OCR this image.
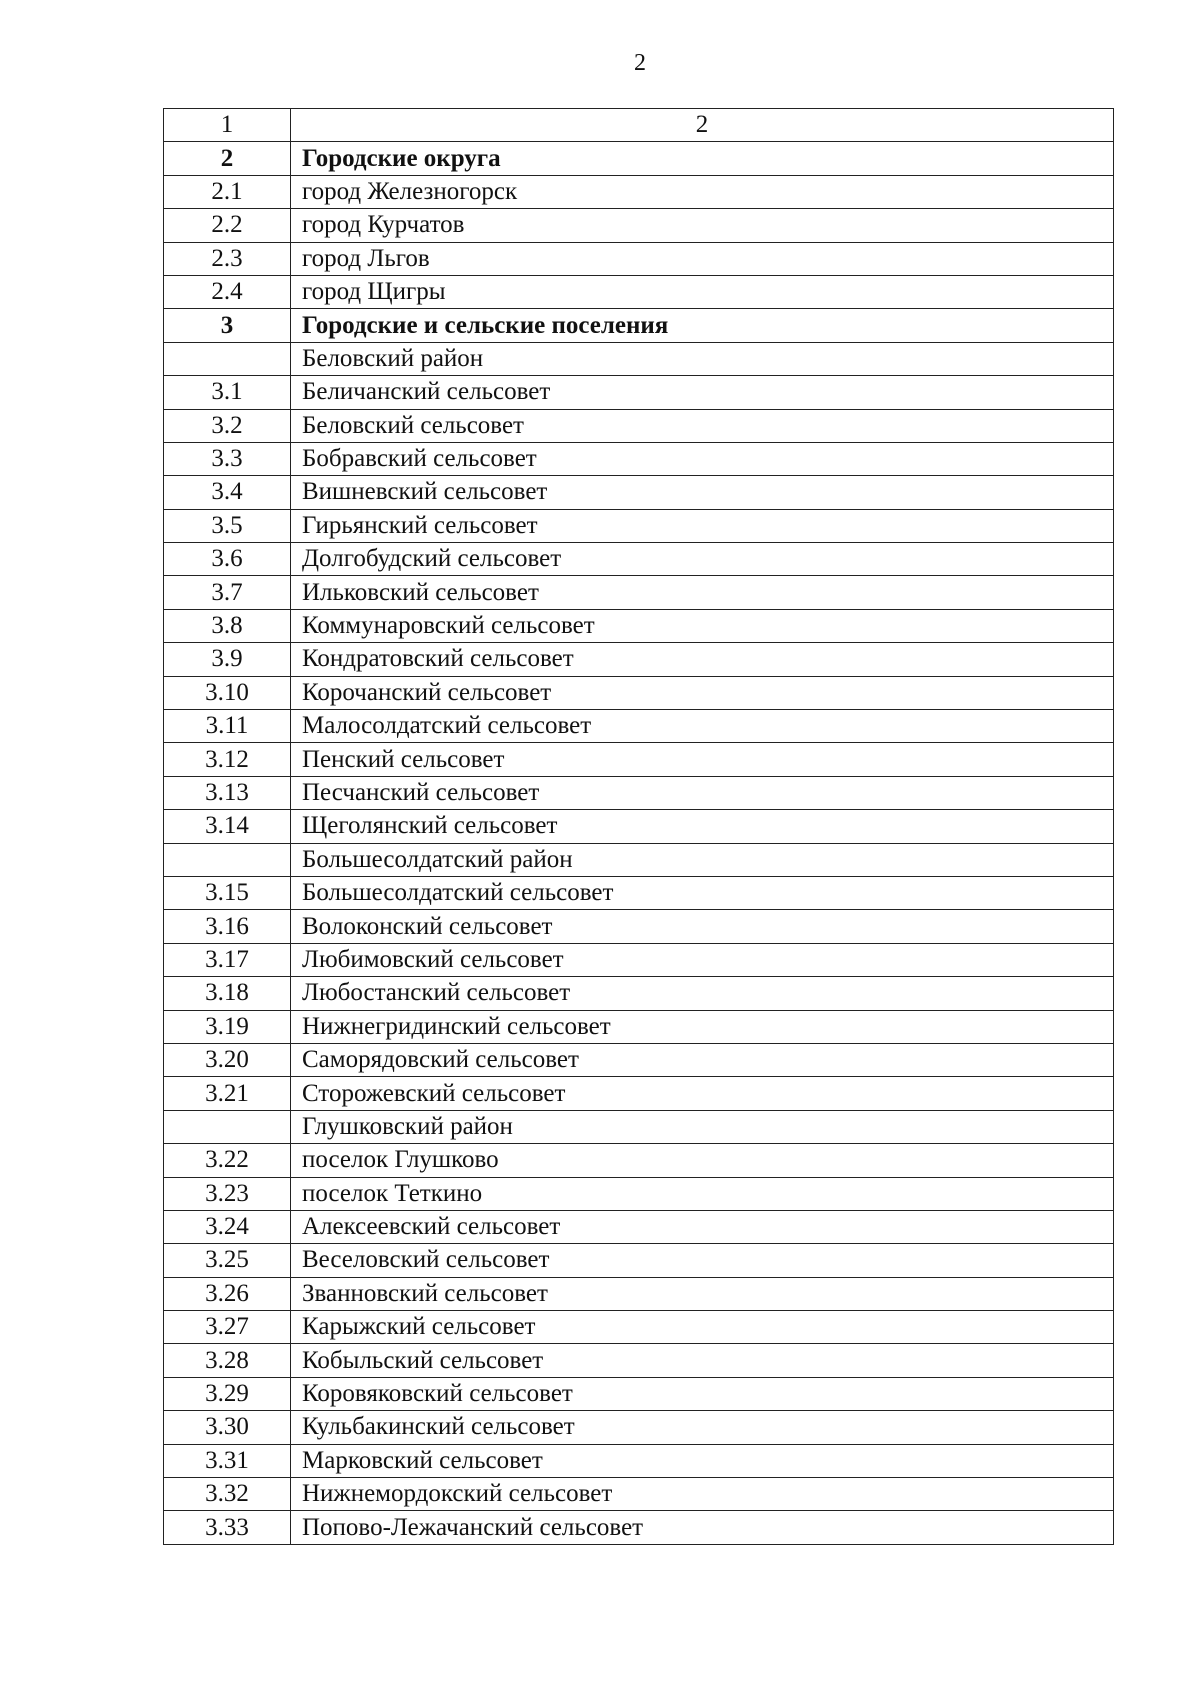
2
1	2
2	Городские округа
2.1	город Железногорск
2.2	город Курчатов
2.3	город Льгов
2.4	город Щигры
3	Городские и сельские поселения
	Беловский район
3.1	Беличанский сельсовет
3.2	Беловский сельсовет
3.3	Бобравский сельсовет
3.4	Вишневский сельсовет
3.5	Гирьянский сельсовет
3.6	Долгобудский сельсовет
3.7	Ильковский сельсовет
3.8	Коммунаровский сельсовет
3.9	Кондратовский сельсовет
3.10	Корочанский сельсовет
3.11	Малосолдатский сельсовет
3.12	Пенский сельсовет
3.13	Песчанский сельсовет
3.14	Щеголянский сельсовет
	Большесолдатский район
3.15	Большесолдатский сельсовет
3.16	Волоконский сельсовет
3.17	Любимовский сельсовет
3.18	Любостанский сельсовет
3.19	Нижнегридинский сельсовет
3.20	Саморядовский сельсовет
3.21	Сторожевский сельсовет
	Глушковский район
3.22	поселок Глушково
3.23	поселок Теткино
3.24	Алексеевский сельсовет
3.25	Веселовский сельсовет
3.26	Званновский сельсовет
3.27	Карыжский сельсовет
3.28	Кобыльский сельсовет
3.29	Коровяковский сельсовет
3.30	Кульбакинский сельсовет
3.31	Марковский сельсовет
3.32	Нижнемордокский сельсовет
3.33	Попово-Лежачанский сельсовет
